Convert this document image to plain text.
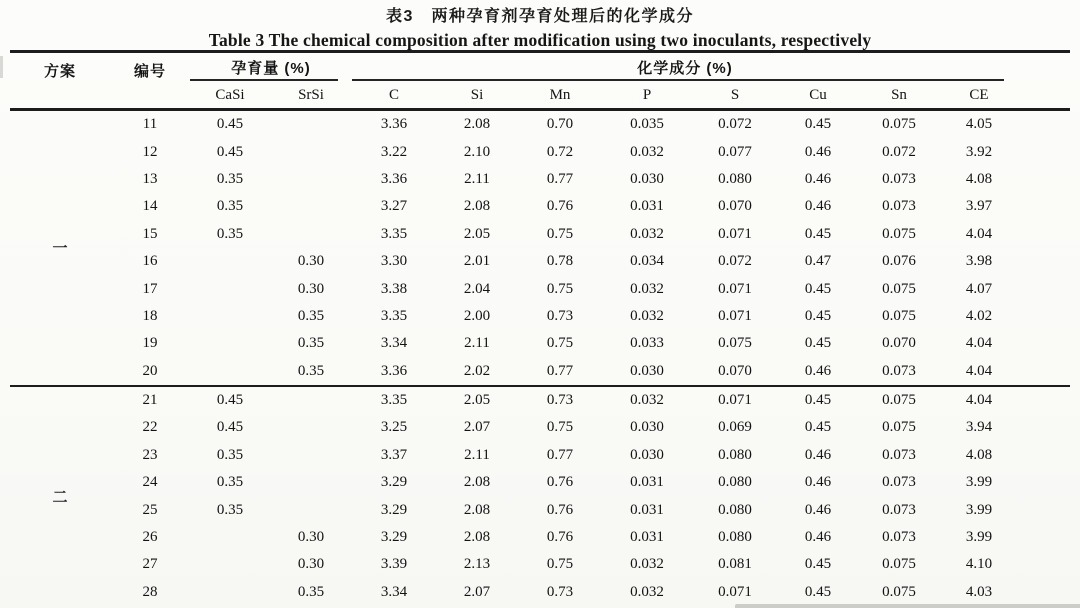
表3　两种孕育剂孕育处理后的化学成分
Table 3 The chemical composition after modification using two inoculants, respectively
方案	编号	孕育量 (%)		化学成分 (%)								
		CaSi	SrSi	C	Si	Mn	P	S	Cu	Sn	CE	
一	11	0.45		3.36	2.08	0.70	0.035	0.072	0.45	0.075	4.05	
	12	0.45		3.22	2.10	0.72	0.032	0.077	0.46	0.072	3.92	
	13	0.35		3.36	2.11	0.77	0.030	0.080	0.46	0.073	4.08	
	14	0.35		3.27	2.08	0.76	0.031	0.070	0.46	0.073	3.97	
	15	0.35		3.35	2.05	0.75	0.032	0.071	0.45	0.075	4.04	
	16		0.30	3.30	2.01	0.78	0.034	0.072	0.47	0.076	3.98	
	17		0.30	3.38	2.04	0.75	0.032	0.071	0.45	0.075	4.07	
	18		0.35	3.35	2.00	0.73	0.032	0.071	0.45	0.075	4.02	
	19		0.35	3.34	2.11	0.75	0.033	0.075	0.45	0.070	4.04	
	20		0.35	3.36	2.02	0.77	0.030	0.070	0.46	0.073	4.04	
二	21	0.45		3.35	2.05	0.73	0.032	0.071	0.45	0.075	4.04	
	22	0.45		3.25	2.07	0.75	0.030	0.069	0.45	0.075	3.94	
	23	0.35		3.37	2.11	0.77	0.030	0.080	0.46	0.073	4.08	
	24	0.35		3.29	2.08	0.76	0.031	0.080	0.46	0.073	3.99	
	25	0.35		3.29	2.08	0.76	0.031	0.080	0.46	0.073	3.99	
	26		0.30	3.29	2.08	0.76	0.031	0.080	0.46	0.073	3.99	
	27		0.30	3.39	2.13	0.75	0.032	0.081	0.45	0.075	4.10	
	28		0.35	3.34	2.07	0.73	0.032	0.071	0.45	0.075	4.03	
